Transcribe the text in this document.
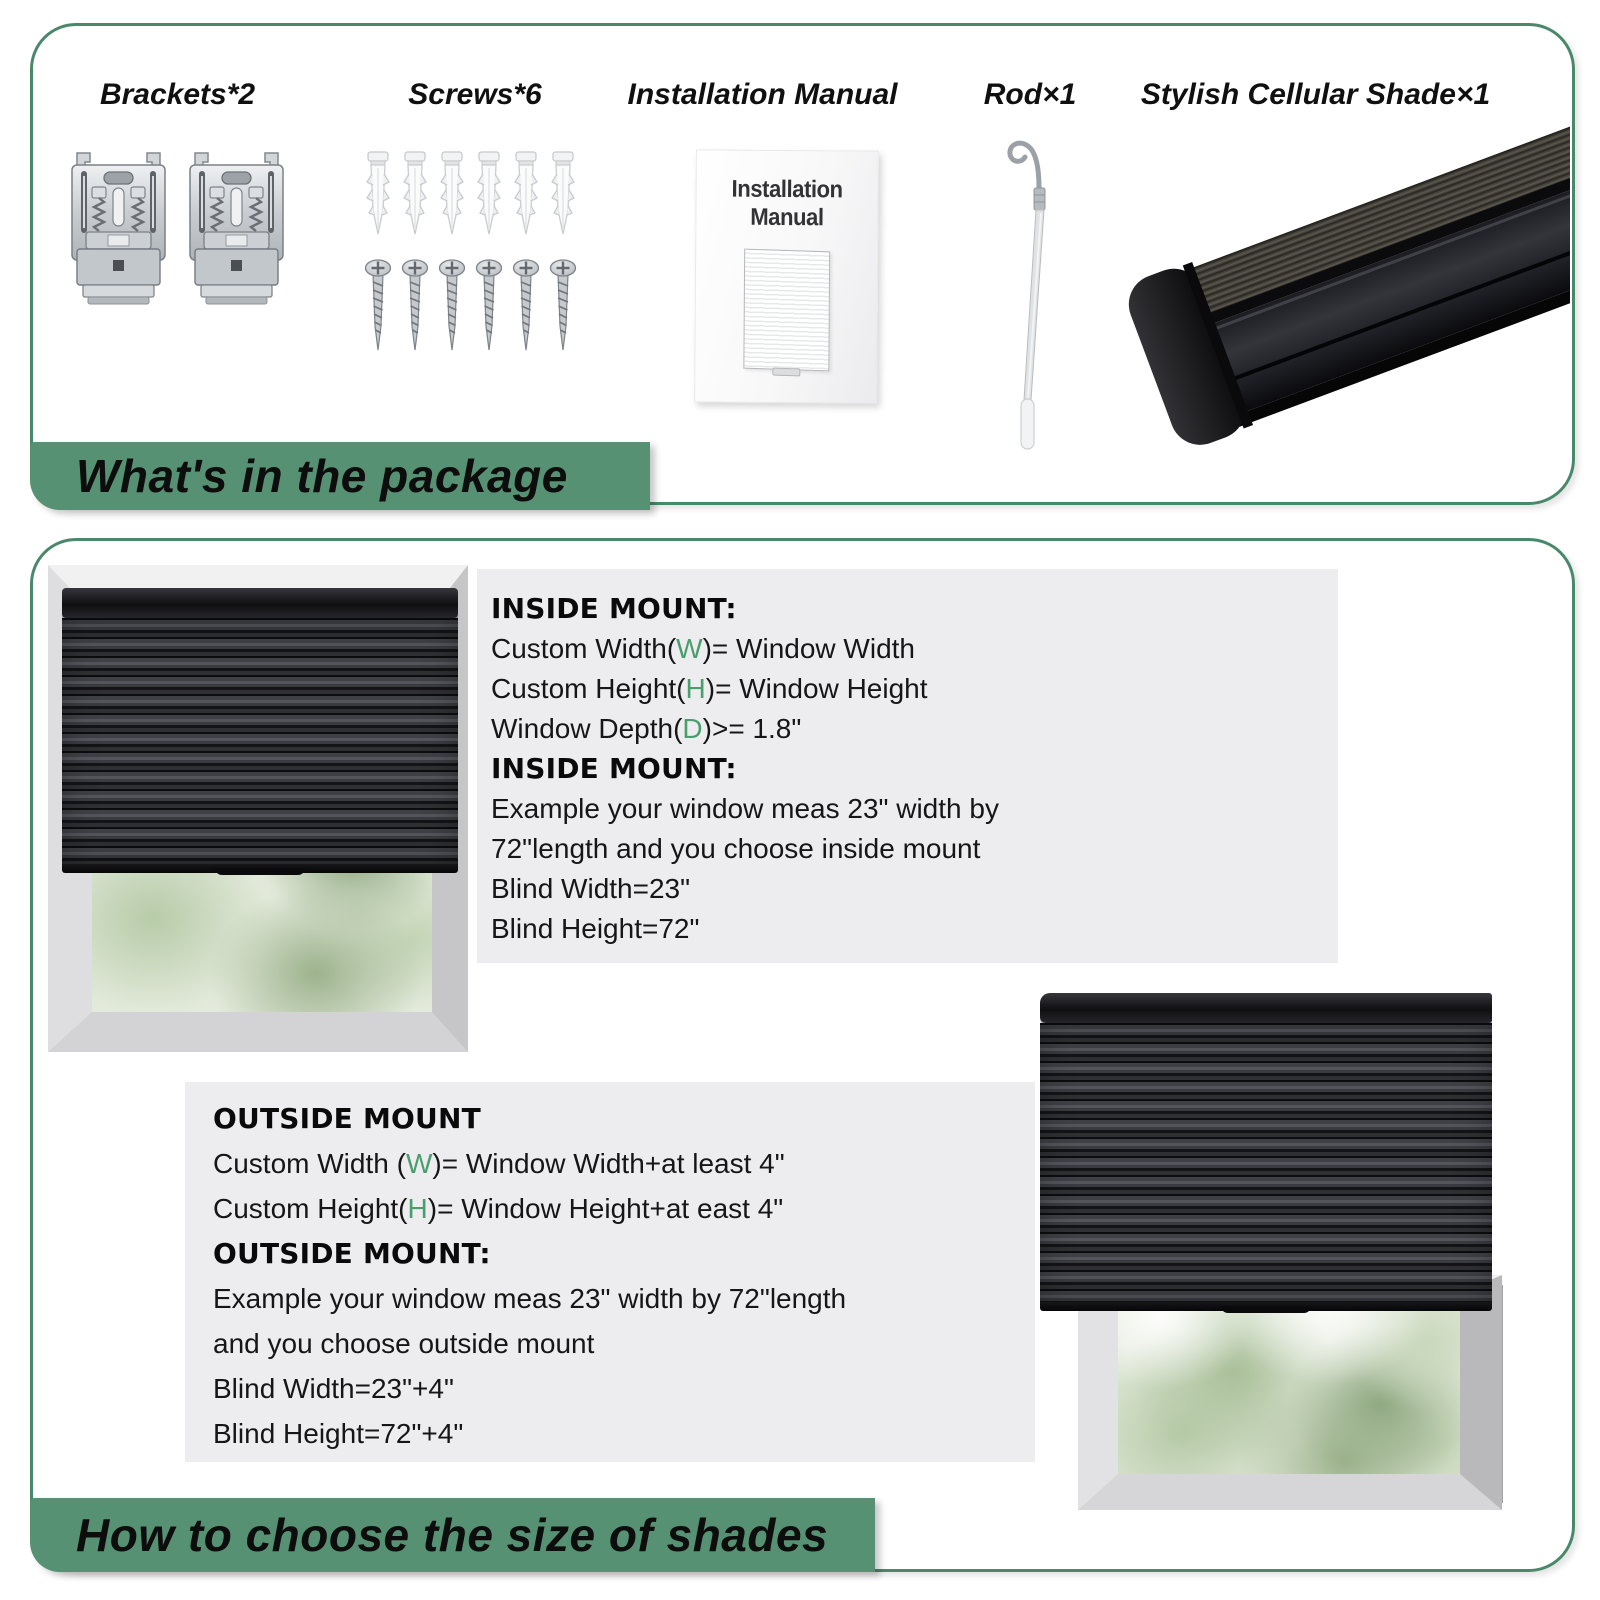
Brackets*2	Screws*6	Installation Manual	Rod×1	Stylish Cellular Shade×1
Installation
Manual
What's in the package
INSIDE MOUNT:
Custom Width(W)= Window Width
Custom Height(H)= Window Height
Window Depth(D)>= 1.8"
INSIDE MOUNT:
Example your window meas 23" width by
72"length and you choose inside mount
Blind Width=23"
Blind Height=72"
OUTSIDE MOUNT
Custom Width (W)= Window Width+at least 4"
Custom Height(H)= Window Height+at east 4"
OUTSIDE MOUNT:
Example your window meas 23" width by 72"length
and you choose outside mount
Blind Width=23"+4"
Blind Height=72"+4"
How to choose the size of shades
